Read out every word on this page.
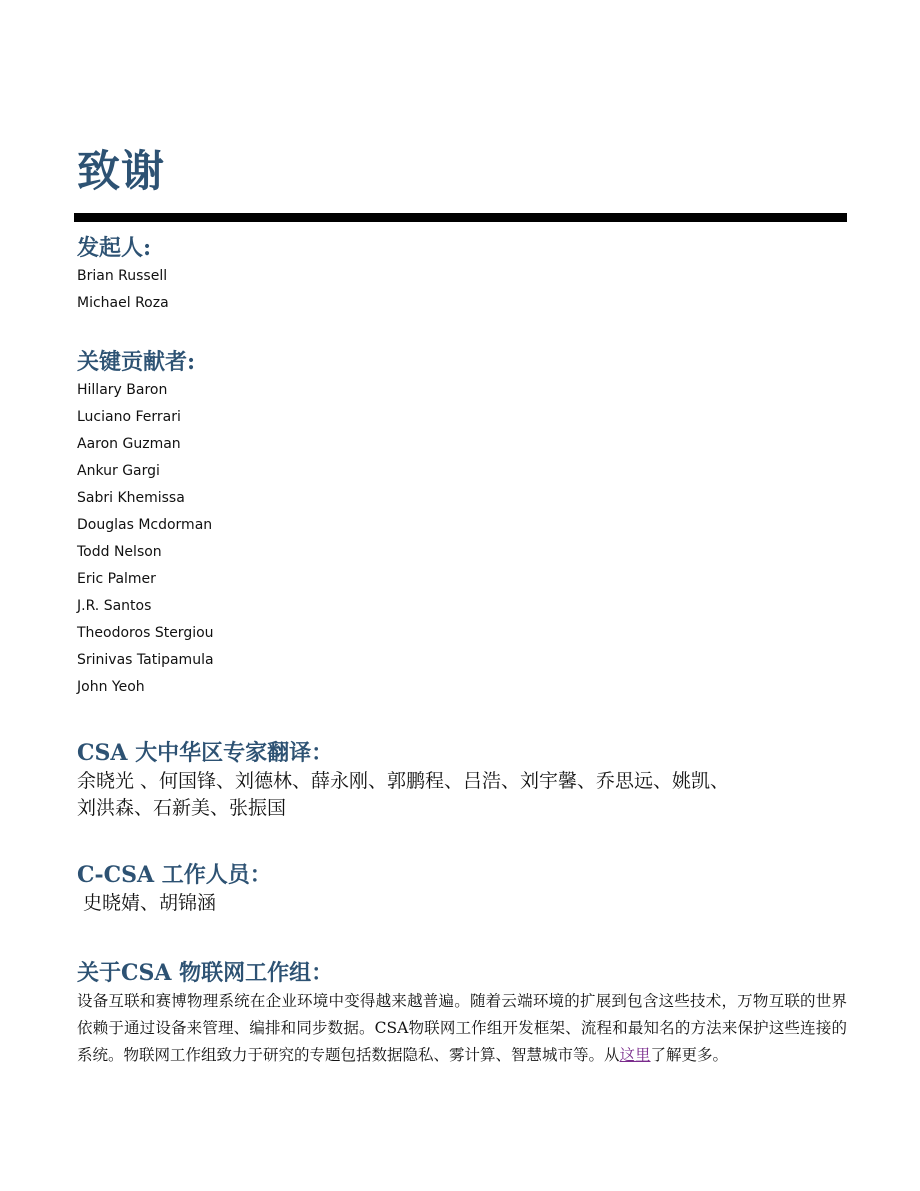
致谢
发起人:
Brian Russell
Michael Roza
关键贡献者:
Hillary Baron
Luciano Ferrari
Aaron Guzman
Ankur Gargi
Sabri Khemissa
Douglas Mcdorman
Todd Nelson
Eric Palmer
J.R. Santos
Theodoros Stergiou
Srinivas Tatipamula
John Yeoh
CSA 大中华区专家翻译：

余晓光 、何国锋、刘德林、薛永刚、郭鹏程、吕浩、刘宇馨、乔思远、姚凯、

刘洪森、石新美、张振国

C-CSA 工作人员：

史晓婧、胡锦涵

关于CSA 物联网工作组：

设备互联和赛博物理系统在企业环境中变得越来越普遍。随着云端环境的扩展到包含这些技术，万物互联的世界依赖于通过设备来管理、编排和同步数据。CSA物联网工作组开发框架、流程和最知名的方法来保护这些连接的系统。物联网工作组致力于研究的专题包括数据隐私、雾计算、智慧城市等。从这里了解更多。
